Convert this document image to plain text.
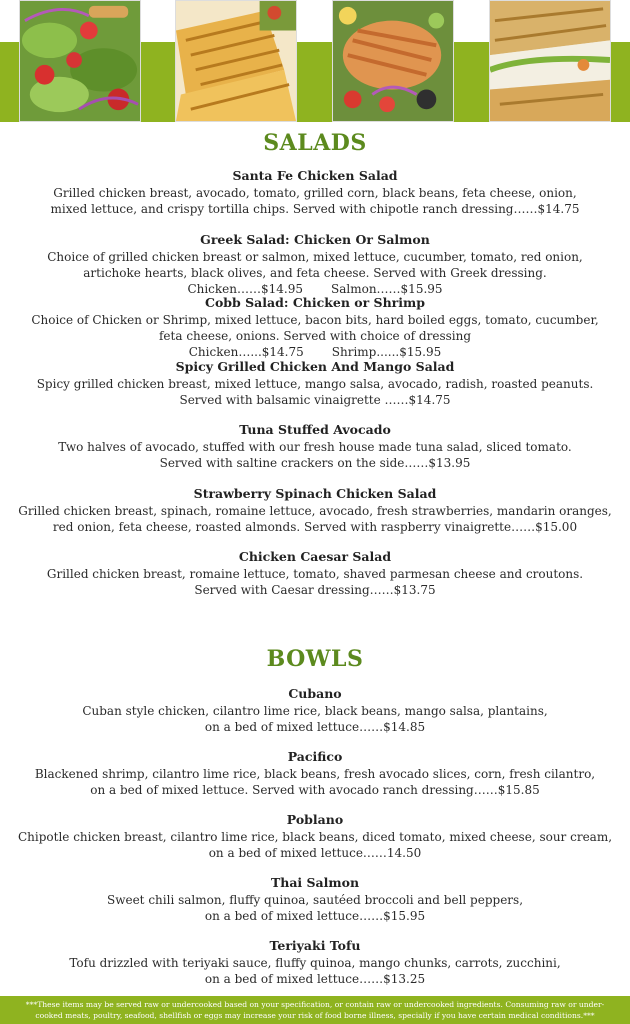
SALADS
Santa Fe Chicken Salad
Grilled chicken breast, avocado, tomato, grilled corn, black beans, feta cheese, onion,
mixed lettuce, and crispy tortilla chips. Served with chipotle ranch dressing……$14.75
Greek Salad: Chicken Or Salmon
Choice of grilled chicken breast or salmon, mixed lettuce, cucumber, tomato, red onion,
artichoke hearts, black olives, and feta cheese. Served with Greek dressing.
Chicken……$14.95 Salmon……$15.95
Cobb Salad: Chicken or Shrimp
Choice of Chicken or Shrimp, mixed lettuce, bacon bits, hard boiled eggs, tomato, cucumber,
feta cheese, onions. Served with choice of dressing
Chicken…...$14.75 Shrimp......$15.95
Spicy Grilled Chicken And Mango Salad
Spicy grilled chicken breast, mixed lettuce, mango salsa, avocado, radish, roasted peanuts.
Served with balsamic vinaigrette ……$14.75
Tuna Stuffed Avocado
Two halves of avocado, stuffed with our fresh house made tuna salad, sliced tomato.
Served with saltine crackers on the side……$13.95
Strawberry Spinach Chicken Salad
Grilled chicken breast, spinach, romaine lettuce, avocado, fresh strawberries, mandarin oranges,
red onion, feta cheese, roasted almonds. Served with raspberry vinaigrette……$15.00
Chicken Caesar Salad
Grilled chicken breast, romaine lettuce, tomato, shaved parmesan cheese and croutons.
Served with Caesar dressing……$13.75
BOWLS
Cubano
Cuban style chicken, cilantro lime rice, black beans, mango salsa, plantains,
on a bed of mixed lettuce……$14.85
Pacifico
Blackened shrimp, cilantro lime rice, black beans, fresh avocado slices, corn, fresh cilantro,
on a bed of mixed lettuce. Served with avocado ranch dressing……$15.85
Poblano
Chipotle chicken breast, cilantro lime rice, black beans, diced tomato, mixed cheese, sour cream,
on a bed of mixed lettuce……14.50
Thai Salmon
Sweet chili salmon, fluffy quinoa, sautéed broccoli and bell peppers,
on a bed of mixed lettuce……$15.95
Teriyaki Tofu
Tofu drizzled with teriyaki sauce, fluffy quinoa, mango chunks, carrots, zucchini,
on a bed of mixed lettuce……$13.25
***These items may be served raw or undercooked based on your specification, or contain raw or undercooked ingredients. Consuming raw or under-
cooked meats, poultry, seafood, shellfish or eggs may increase your risk of food borne illness, specially if you have certain medical conditions.***
